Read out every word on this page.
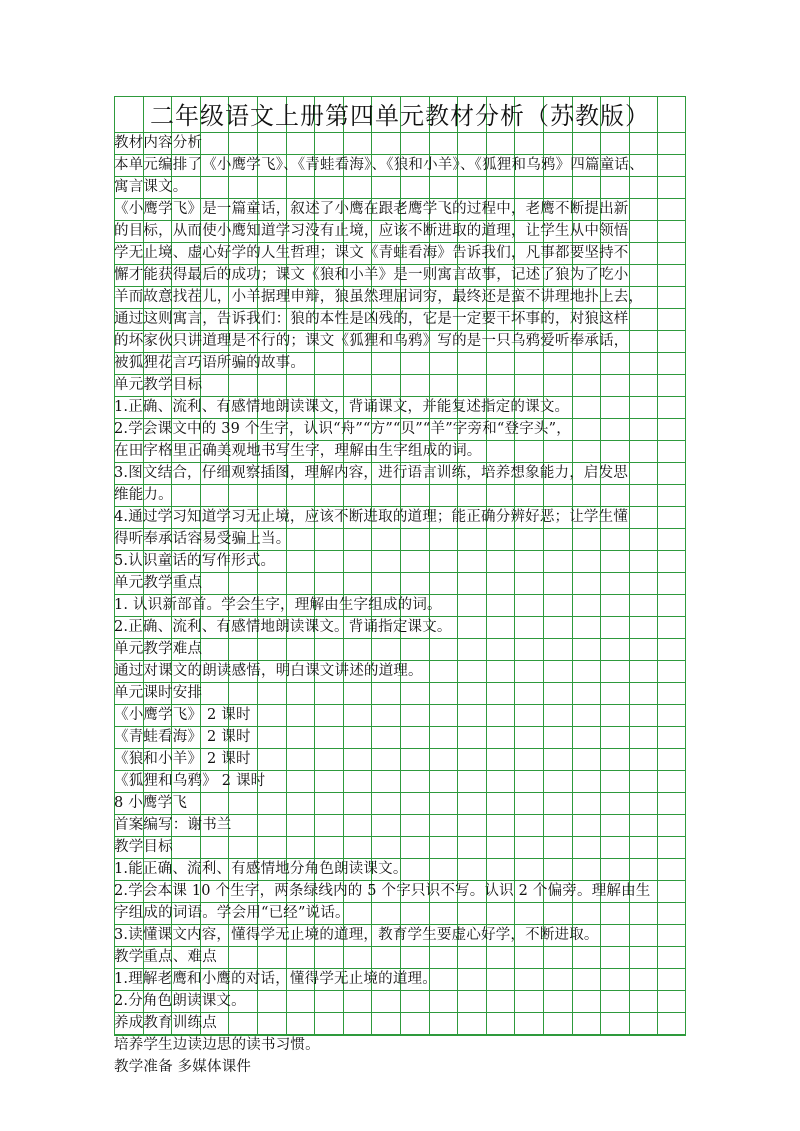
二年级语文上册第四单元教材分析（苏教版）
教材内容分析
本单元编排了《小鹰学飞》、《青蛙看海》、《狼和小羊》、《狐狸和乌鸦》四篇童话、
寓言课文。
《小鹰学飞》是一篇童话，叙述了小鹰在跟老鹰学飞的过程中，老鹰不断提出新
的目标，从而使小鹰知道学习没有止境，应该不断进取的道理，让学生从中领悟
学无止境、虚心好学的人生哲理；课文《青蛙看海》告诉我们，凡事都要坚持不
懈才能获得最后的成功；课文《狼和小羊》是一则寓言故事，记述了狼为了吃小
羊而故意找茬儿，小羊据理申辩，狼虽然理屈词穷，最终还是蛮不讲理地扑上去，
通过这则寓言，告诉我们：狼的本性是凶残的，它是一定要干坏事的，对狼这样
的坏家伙只讲道理是不行的；课文《狐狸和乌鸦》写的是一只乌鸦爱听奉承话，
被狐狸花言巧语所骗的故事。
单元教学目标
1.正确、流利、有感情地朗读课文，背诵课文，并能复述指定的课文。
2.学会课文中的 39 个生字，认识“舟”“方”“贝”“羊”字旁和“登字头”，
在田字格里正确美观地书写生字，理解由生字组成的词。
3.图文结合，仔细观察插图，理解内容，进行语言训练，培养想象能力，启发思
维能力。
4.通过学习知道学习无止境，应该不断进取的道理；能正确分辨好恶；让学生懂
得听奉承话容易受骗上当。
5.认识童话的写作形式。
单元教学重点
1. 认识新部首。学会生字，理解由生字组成的词。
2.正确、流利、有感情地朗读课文。背诵指定课文。
单元教学难点
通过对课文的朗读感悟，明白课文讲述的道理。
单元课时安排
《小鹰学飞》 2 课时
《青蛙看海》 2 课时
《狼和小羊》 2 课时
《狐狸和乌鸦》 2 课时
8 小鹰学飞
首案编写：谢书兰
教学目标
1.能正确、流利、有感情地分角色朗读课文。
2.学会本课 10 个生字，两条绿线内的 5 个字只识不写。认识 2 个偏旁。理解由生
字组成的词语。学会用“已经”说话。
3.读懂课文内容，懂得学无止境的道理，教育学生要虚心好学，不断进取。
教学重点、难点
1.理解老鹰和小鹰的对话，懂得学无止境的道理。
2.分角色朗读课文。
养成教育训练点
培养学生边读边思的读书习惯。
教学准备 多媒体课件
